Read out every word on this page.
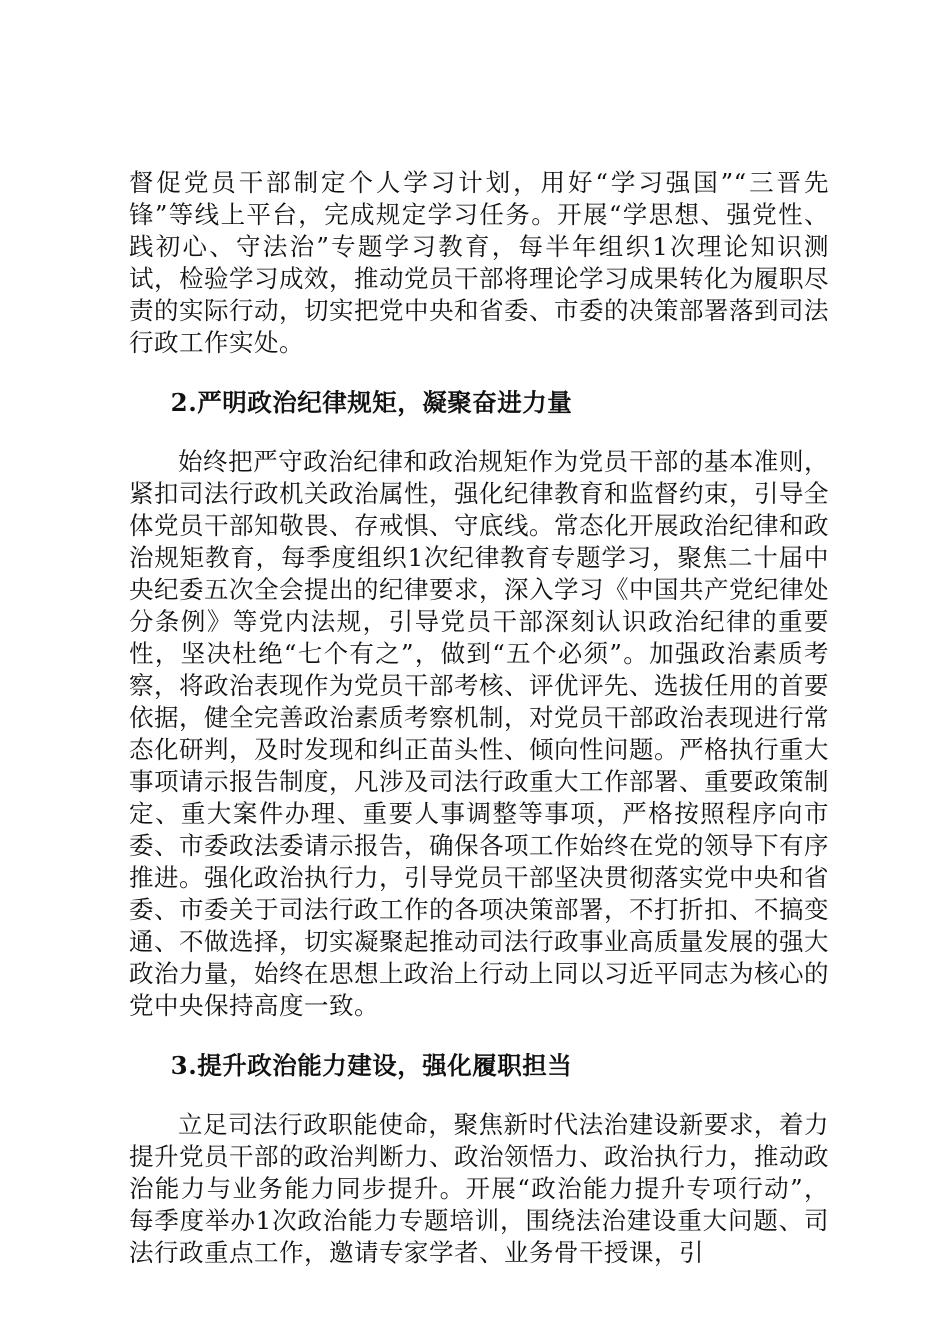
督促党员干部制定个人学习计划，用好“学习强国”“三晋先锋”等线上平台，完成规定学习任务。开展“学思想、强党性、践初心、守法治”专题学习教育，每半年组织1次理论知识测试，检验学习成效，推动党员干部将理论学习成果转化为履职尽责的实际行动，切实把党中央和省委、市委的决策部署落到司法行政工作实处。

2.严明政治纪律规矩，凝聚奋进力量

始终把严守政治纪律和政治规矩作为党员干部的基本准则，紧扣司法行政机关政治属性，强化纪律教育和监督约束，引导全体党员干部知敬畏、存戒惧、守底线。常态化开展政治纪律和政治规矩教育，每季度组织1次纪律教育专题学习，聚焦二十届中央纪委五次全会提出的纪律要求，深入学习《中国共产党纪律处分条例》等党内法规，引导党员干部深刻认识政治纪律的重要性，坚决杜绝“七个有之”，做到“五个必须”。加强政治素质考察，将政治表现作为党员干部考核、评优评先、选拔任用的首要依据，健全完善政治素质考察机制，对党员干部政治表现进行常态化研判，及时发现和纠正苗头性、倾向性问题。严格执行重大事项请示报告制度，凡涉及司法行政重大工作部署、重要政策制定、重大案件办理、重要人事调整等事项，严格按照程序向市委、市委政法委请示报告，确保各项工作始终在党的领导下有序推进。强化政治执行力，引导党员干部坚决贯彻落实党中央和省委、市委关于司法行政工作的各项决策部署，不打折扣、不搞变通、不做选择，切实凝聚起推动司法行政事业高质量发展的强大政治力量，始终在思想上政治上行动上同以习近平同志为核心的党中央保持高度一致。

3.提升政治能力建设，强化履职担当

立足司法行政职能使命，聚焦新时代法治建设新要求，着力提升党员干部的政治判断力、政治领悟力、政治执行力，推动政治能力与业务能力同步提升。开展“政治能力提升专项行动”，每季度举办1次政治能力专题培训，围绕法治建设重大问题、司法行政重点工作，邀请专家学者、业务骨干授课，引
